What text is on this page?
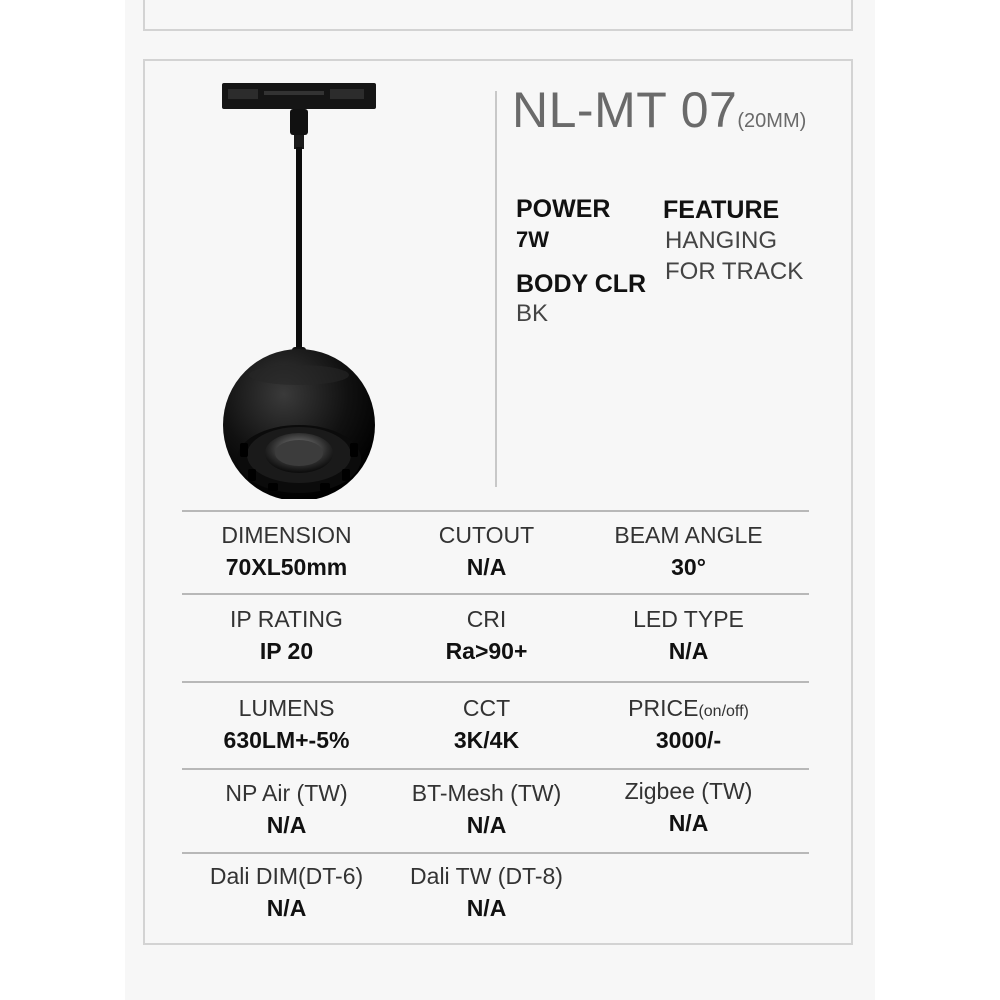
NL-MT 07(20MM)
POWER
7W
FEATURE
HANGING
FOR TRACK
BODY CLR
BK
DIMENSION
70XL50mm
CUTOUT
N/A
BEAM ANGLE
30°
IP RATING
IP 20
CRI
Ra>90+
LED TYPE
N/A
LUMENS
630LM+-5%
CCT
3K/4K
PRICE(on/off)
3000/-
NP Air (TW)
N/A
BT-Mesh (TW)
N/A
Zigbee (TW)
N/A
Dali DIM(DT-6)
N/A
Dali TW (DT-8)
N/A
